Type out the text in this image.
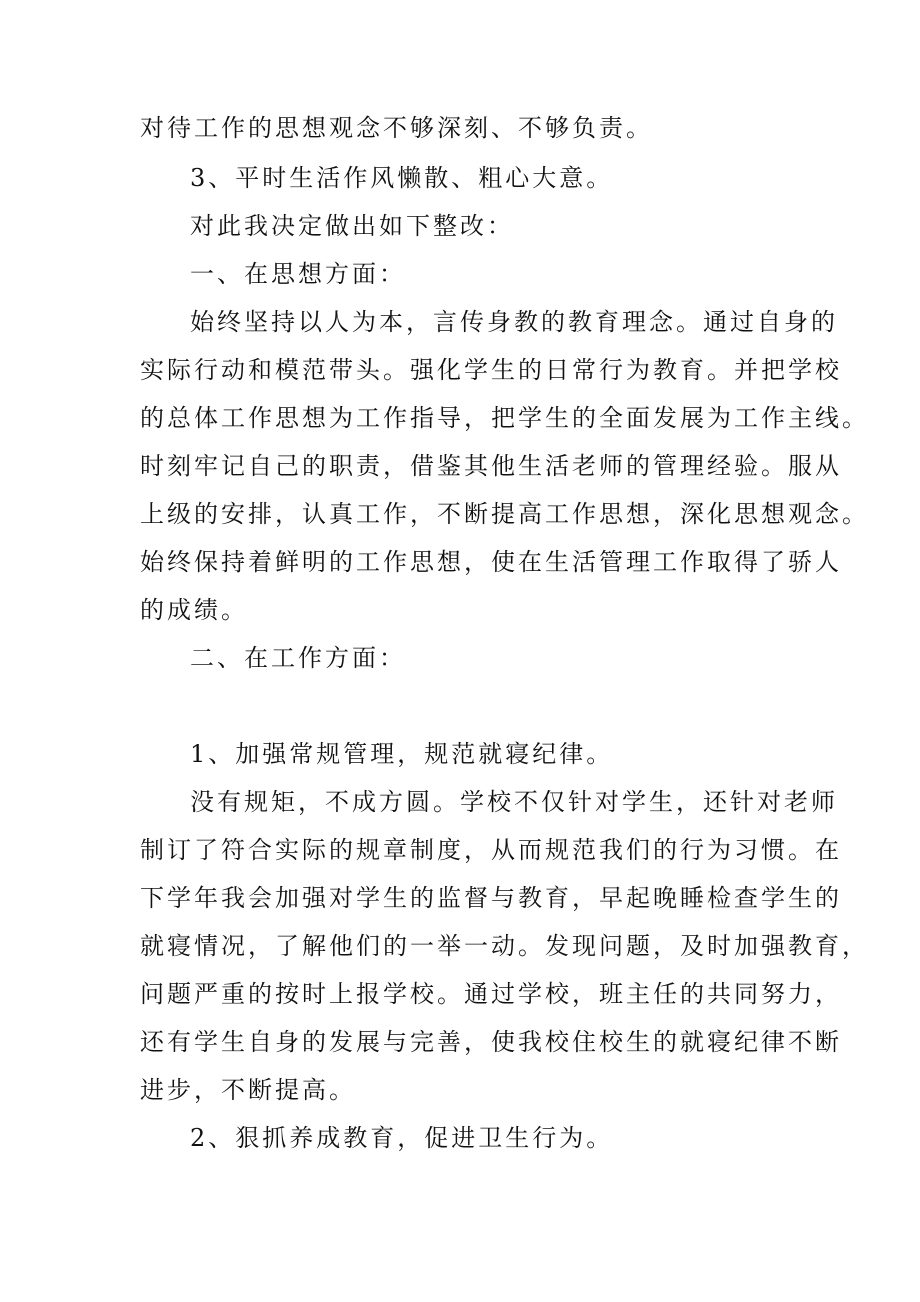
对待工作的思想观念不够深刻、不够负责。
3、平时生活作风懒散、粗心大意。
对此我决定做出如下整改：
一、在思想方面：
始终坚持以人为本，言传身教的教育理念。通过自身的
实际行动和模范带头。强化学生的日常行为教育。并把学校
的总体工作思想为工作指导，把学生的全面发展为工作主线。
时刻牢记自己的职责，借鉴其他生活老师的管理经验。服从
上级的安排，认真工作，不断提高工作思想，深化思想观念。
始终保持着鲜明的工作思想，使在生活管理工作取得了骄人
的成绩。
二、在工作方面：
1、加强常规管理，规范就寝纪律。
没有规矩，不成方圆。学校不仅针对学生，还针对老师
制订了符合实际的规章制度，从而规范我们的行为习惯。在
下学年我会加强对学生的监督与教育，早起晚睡检查学生的
就寝情况，了解他们的一举一动。发现问题，及时加强教育，
问题严重的按时上报学校。通过学校，班主任的共同努力，
还有学生自身的发展与完善，使我校住校生的就寝纪律不断
进步，不断提高。
2、狠抓养成教育，促进卫生行为。
